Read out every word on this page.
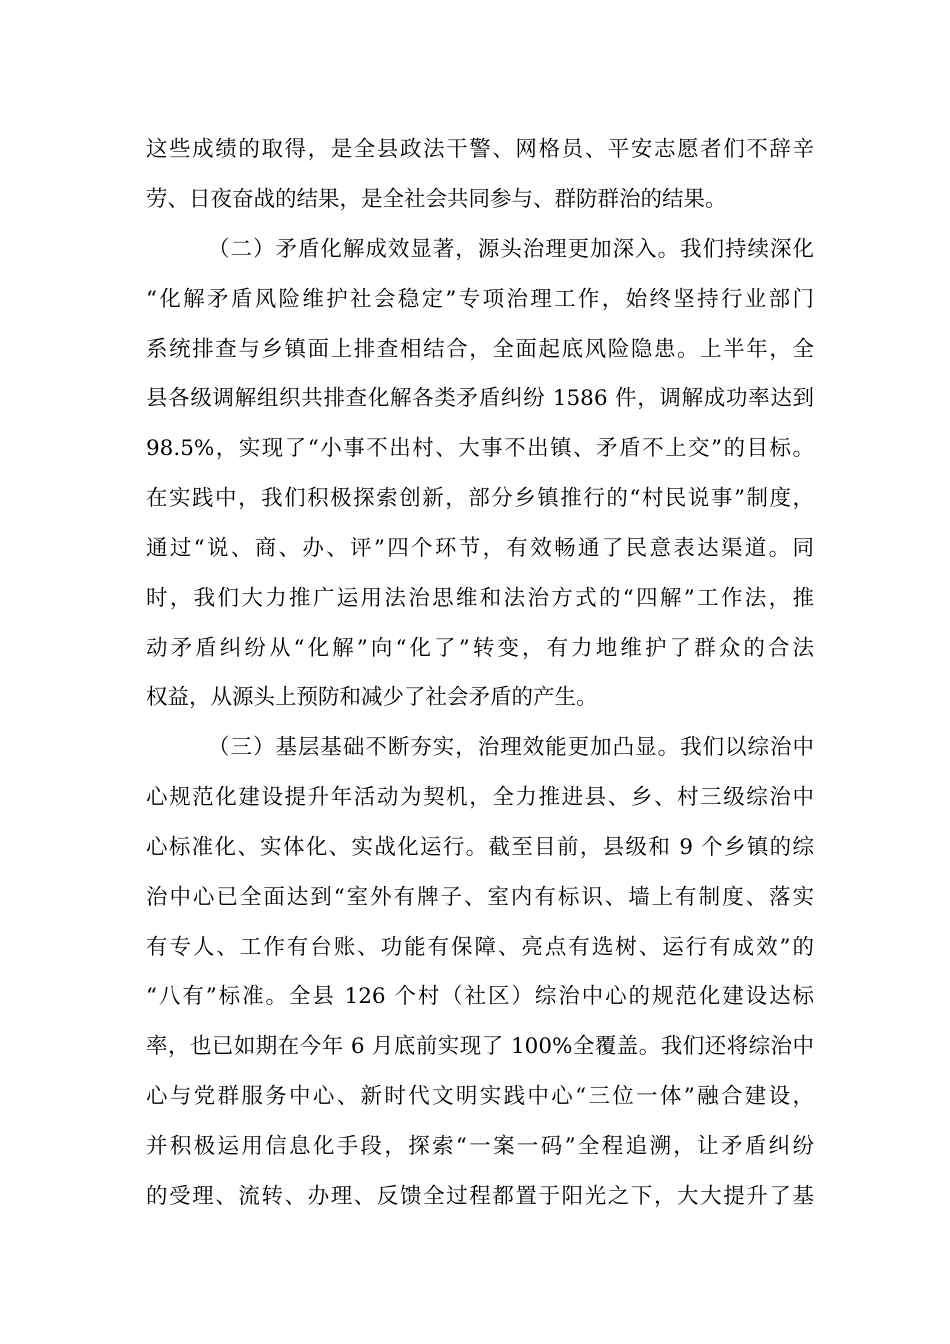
这些成绩的取得，是全县政法干警、网格员、平安志愿者们不辞辛
劳、日夜奋战的结果，是全社会共同参与、群防群治的结果。
（二）矛盾化解成效显著，源头治理更加深入。我们持续深化
“化解矛盾风险维护社会稳定”专项治理工作，始终坚持行业部门
系统排查与乡镇面上排查相结合，全面起底风险隐患。上半年，全
县各级调解组织共排查化解各类矛盾纠纷 1586 件，调解成功率达到
98.5%，实现了“小事不出村、大事不出镇、矛盾不上交”的目标。
在实践中，我们积极探索创新，部分乡镇推行的“村民说事”制度，
通过“说、商、办、评”四个环节，有效畅通了民意表达渠道。同
时，我们大力推广运用法治思维和法治方式的“四解”工作法，推
动矛盾纠纷从“化解”向“化了”转变，有力地维护了群众的合法
权益，从源头上预防和减少了社会矛盾的产生。
（三）基层基础不断夯实，治理效能更加凸显。我们以综治中
心规范化建设提升年活动为契机，全力推进县、乡、村三级综治中
心标准化、实体化、实战化运行。截至目前，县级和 9 个乡镇的综
治中心已全面达到“室外有牌子、室内有标识、墙上有制度、落实
有专人、工作有台账、功能有保障、亮点有选树、运行有成效”的
“八有”标准。全县 126 个村（社区）综治中心的规范化建设达标
率，也已如期在今年 6 月底前实现了 100%全覆盖。我们还将综治中
心与党群服务中心、新时代文明实践中心“三位一体”融合建设，
并积极运用信息化手段，探索“一案一码”全程追溯，让矛盾纠纷
的受理、流转、办理、反馈全过程都置于阳光之下，大大提升了基
